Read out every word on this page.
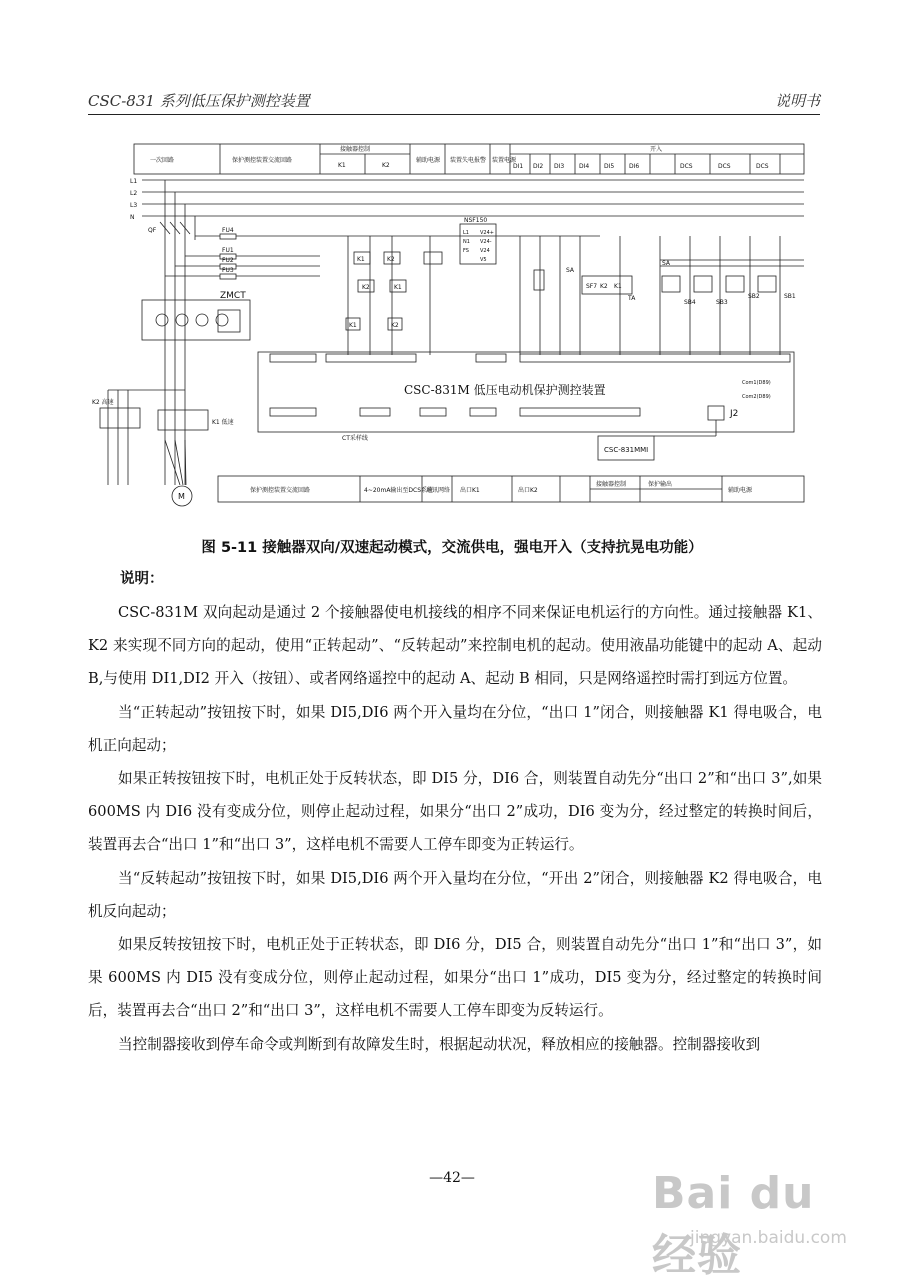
CSC-831 系列低压保护测控装置	说明书
一次回路	保护测控装置交流回路
接触器控制
K1	K2
辅助电源 装置失电报警 装置电源
DI1 DI2 DI3 DI4 DI5 DI6	DCS	DCS	DCS
开入
L1
L2
L3
N
QF	FU4
FU1
FU2
FU3
ZMCT
NSF150
L1
N1
FS
V24+
V24-
V24
V5
K1	K2
K2	K1
K1	K2
SA
SF7 K2 K1
TA
SA
SB1
SB2
SB3
SB4
CSC-831M 低压电动机保护测控装置	Com1(D89)
Com2(D89)
J2
CSC-831MMI
K2 高速
K1 低速
M
CT采样线
保护测控装置交流回路	4~20mA输出至DCS系统
通讯网络 出口K1	出口K2
接触器控制	保护输出
辅助电源
图 5-11 接触器双向/双速起动模式，交流供电，强电开入（支持抗晃电功能）
说明：

CSC-831M 双向起动是通过 2 个接触器使电机接线的相序不同来保证电机运行的方向性。通过接触器 K1、K2 来实现不同方向的起动，使用“正转起动”、“反转起动”来控制电机的起动。使用液晶功能键中的起动 A、起动 B,与使用 DI1,DI2 开入（按钮）、或者网络遥控中的起动 A、起动 B 相同，只是网络遥控时需打到远方位置。

当“正转起动”按钮按下时，如果 DI5,DI6 两个开入量均在分位，“出口 1”闭合，则接触器 K1 得电吸合，电机正向起动；

如果正转按钮按下时，电机正处于反转状态，即 DI5 分，DI6 合，则装置自动先分“出口 2”和“出口 3”,如果 600MS 内 DI6 没有变成分位，则停止起动过程，如果分“出口 2”成功，DI6 变为分，经过整定的转换时间后，装置再去合“出口 1”和“出口 3”，这样电机不需要人工停车即变为正转运行。

当“反转起动”按钮按下时，如果 DI5,DI6 两个开入量均在分位，“开出 2”闭合，则接触器 K2 得电吸合，电机反向起动；

如果反转按钮按下时，电机正处于正转状态，即 DI6 分，DI5 合，则装置自动先分“出口 1”和“出口 3”，如果 600MS 内 DI5 没有变成分位，则停止起动过程，如果分“出口 1”成功，DI5 变为分，经过整定的转换时间后，装置再去合“出口 2”和“出口 3”，这样电机不需要人工停车即变为反转运行。

当控制器接收到停车命令或判断到有故障发生时，根据起动状况，释放相应的接触器。控制器接收到

—42—	Bai du 经验
jingyan.baidu.com
